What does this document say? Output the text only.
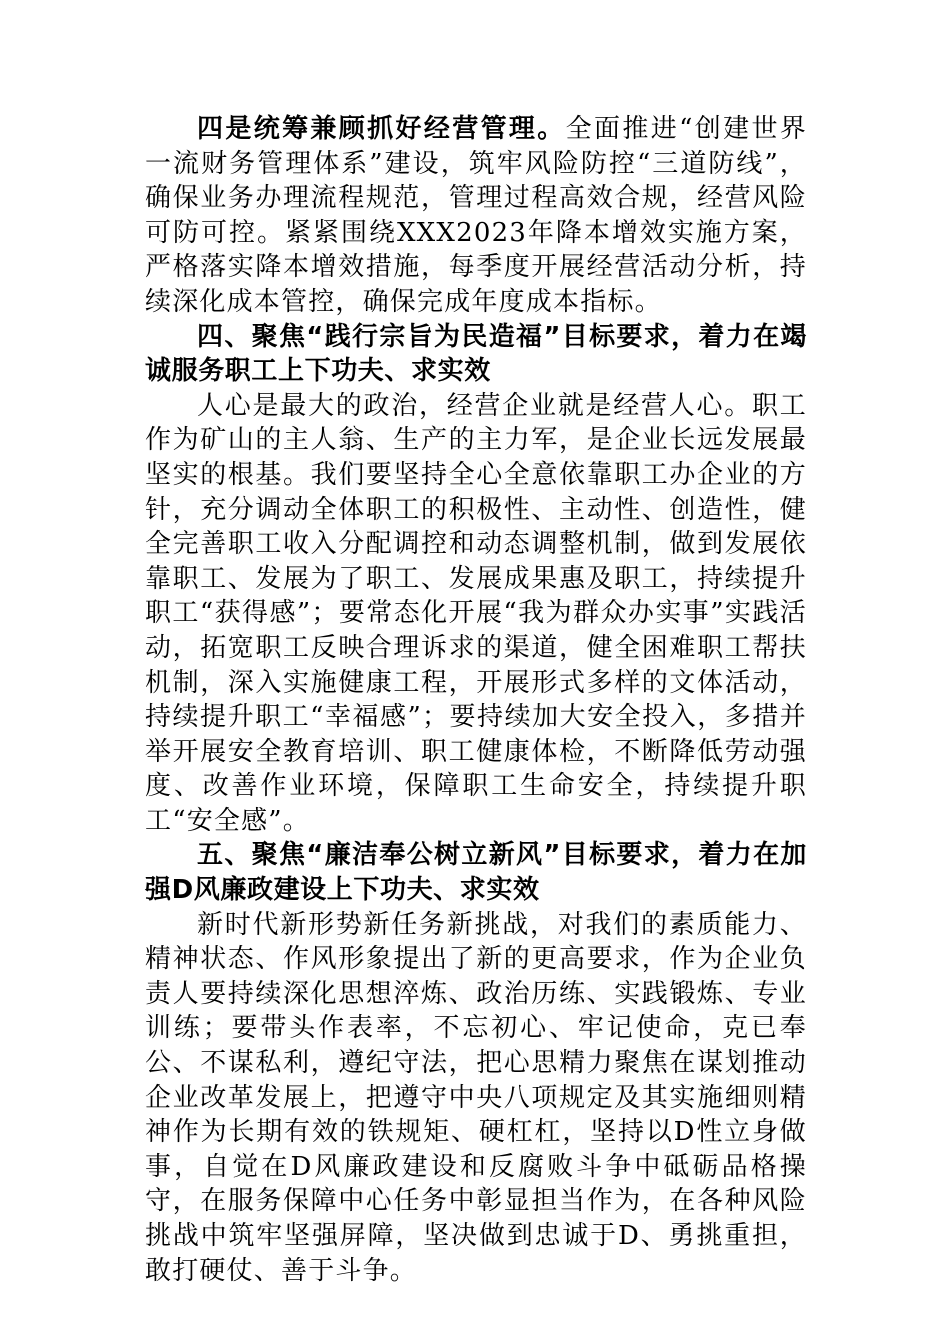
四是统筹兼顾抓好经营管理。全面推进“创建世界一流财务管理体系”建设，筑牢风险防控“三道防线”，确保业务办理流程规范，管理过程高效合规，经营风险可防可控。紧紧围绕XXX2023年降本增效实施方案，严格落实降本增效措施，每季度开展经营活动分析，持续深化成本管控，确保完成年度成本指标。

四、聚焦“践行宗旨为民造福”目标要求，着力在竭诚服务职工上下功夫、求实效

人心是最大的政治，经营企业就是经营人心。职工作为矿山的主人翁、生产的主力军，是企业长远发展最坚实的根基。我们要坚持全心全意依靠职工办企业的方针，充分调动全体职工的积极性、主动性、创造性，健全完善职工收入分配调控和动态调整机制，做到发展依靠职工、发展为了职工、发展成果惠及职工，持续提升职工“获得感”；要常态化开展“我为群众办实事”实践活动，拓宽职工反映合理诉求的渠道，健全困难职工帮扶机制，深入实施健康工程，开展形式多样的文体活动，持续提升职工“幸福感”；要持续加大安全投入，多措并举开展安全教育培训、职工健康体检，不断降低劳动强度、改善作业环境，保障职工生命安全，持续提升职工“安全感”。

五、聚焦“廉洁奉公树立新风”目标要求，着力在加强D风廉政建设上下功夫、求实效

新时代新形势新任务新挑战，对我们的素质能力、精神状态、作风形象提出了新的更高要求，作为企业负责人要持续深化思想淬炼、政治历练、实践锻炼、专业训练；要带头作表率，不忘初心、牢记使命，克已奉公、不谋私利，遵纪守法，把心思精力聚焦在谋划推动企业改革发展上，把遵守中央八项规定及其实施细则精神作为长期有效的铁规矩、硬杠杠，坚持以D性立身做事，自觉在D风廉政建设和反腐败斗争中砥砺品格操守，在服务保障中心任务中彰显担当作为，在各种风险挑战中筑牢坚强屏障，坚决做到忠诚于D、勇挑重担，敢打硬仗、善于斗争。
